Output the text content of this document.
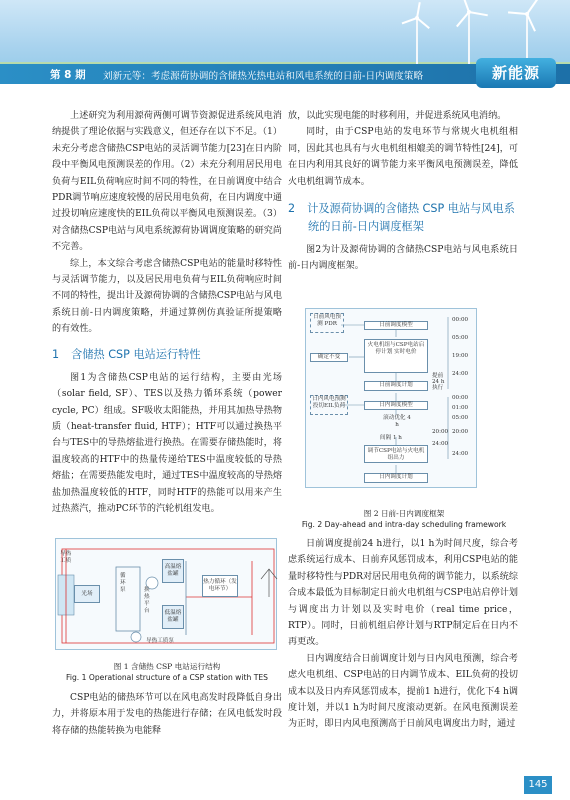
第 8 期 刘新元等：考虑源荷协调的含储热光热电站和风电系统的日前-日内调度策略	新能源

上述研究为利用源荷两侧可调节资源促进系统风电消纳提供了理论依据与实践意义，但还存在以下不足。（1）未充分考虑含储热CSP电站的灵活调节能力[23]在日内阶段中平衡风电预测误差的作用。（2）未充分利用居民用电负荷与EIL负荷响应时间不同的特性，在日前调度中结合PDR调节响应速度较慢的居民用电负荷，在日内调度中通过投切响应速度快的EIL负荷以平衡风电预测误差。（3）对含储热CSP电站与风电系统源荷协调调度策略的研究尚不完善。

综上，本文综合考虑含储热CSP电站的能量时移特性与灵活调节能力，以及居民用电负荷与EIL负荷响应时间不同的特性，提出计及源荷协调的含储热CSP电站与风电系统日前-日内调度策略，并通过算例仿真验证所提策略的有效性。

1 含储热 CSP 电站运行特性

图1为含储热CSP电站的运行结构，主要由光场（solar field, SF）、TES以及热力循环系统（power cycle, PC）组成。SF吸收太阳能热，并用其加热导热物质（heat-transfer fluid, HTF）；HTF可以通过换热平台与TES中的导热熔盐进行换热。在需要存储热能时，将温度较高的HTF中的热量传递给TES中温度较低的导热熔盐；在需要热能发电时，通过TES中温度较高的导热熔盐加热温度较低的HTF，同时HTF的热能可以用来产生过热蒸汽，推动PC环节的汽轮机组发电。

导热工质
光场
循环泵	换热平台
高温熔盐罐
低温熔盐罐
热力循环（发电环节）
导热工质泵
图 1 含储热 CSP 电站运行结构
Fig. 1 Operational structure of a CSP station with TES

CSP电站的储热环节可以在风电高发时段降低自身出力，并将原本用于发电的热能进行存储；在风电低发时段将存储的热能转换为电能释

放，以此实现电能的时移利用，并促进系统风电消纳。

同时，由于CSP电站的发电环节与常规火电机组相同，因此其也具有与火电机组相媲美的调节特性[24]，可在日内利用其良好的调节能力来平衡风电预测误差，降低火电机组调节成本。

2 计及源荷协调的含储热 CSP 电站与风电系统的日前-日内调度框架

图2为计及源荷协调的含储热CSP电站与风电系统日前-日内调度框架。

日前风电预测 PDR	日前调度模型
确定不变
火电机组与CSP电站启停计划 实时电价
日前调度计划
日内风电预测 投切EIL负荷	日内调度模型
滚动优化 4 h
间隔 1 h
调节CSP电站与火电机组出力
日内调度计划
00:00
05:00
19:00
24:00
提前24 h执行
00:00
01:00
05:00
20:00
24:00
20:00
24:00
图 2 日前-日内调度框架
Fig. 2 Day-ahead and intra-day scheduling framework

日前调度提前24 h进行，以1 h为时间尺度，综合考虑系统运行成本、日前弃风惩罚成本，利用CSP电站的能量时移特性与PDR对居民用电负荷的调节能力，以系统综合成本最低为目标制定日前火电机组与CSP电站启停计划与调度出力计划以及实时电价（real time price，RTP）。同时，日前机组启停计划与RTP制定后在日内不再更改。

日内调度结合日前调度计划与日内风电预测，综合考虑火电机组、CSP电站的日内调节成本、EIL负荷的投切成本以及日内弃风惩罚成本，提前1 h进行，优化下4 h调度计划，并以1 h为时间尺度滚动更新。在风电预测误差为正时，即日内风电预测高于日前风电调度出力时，通过

145
